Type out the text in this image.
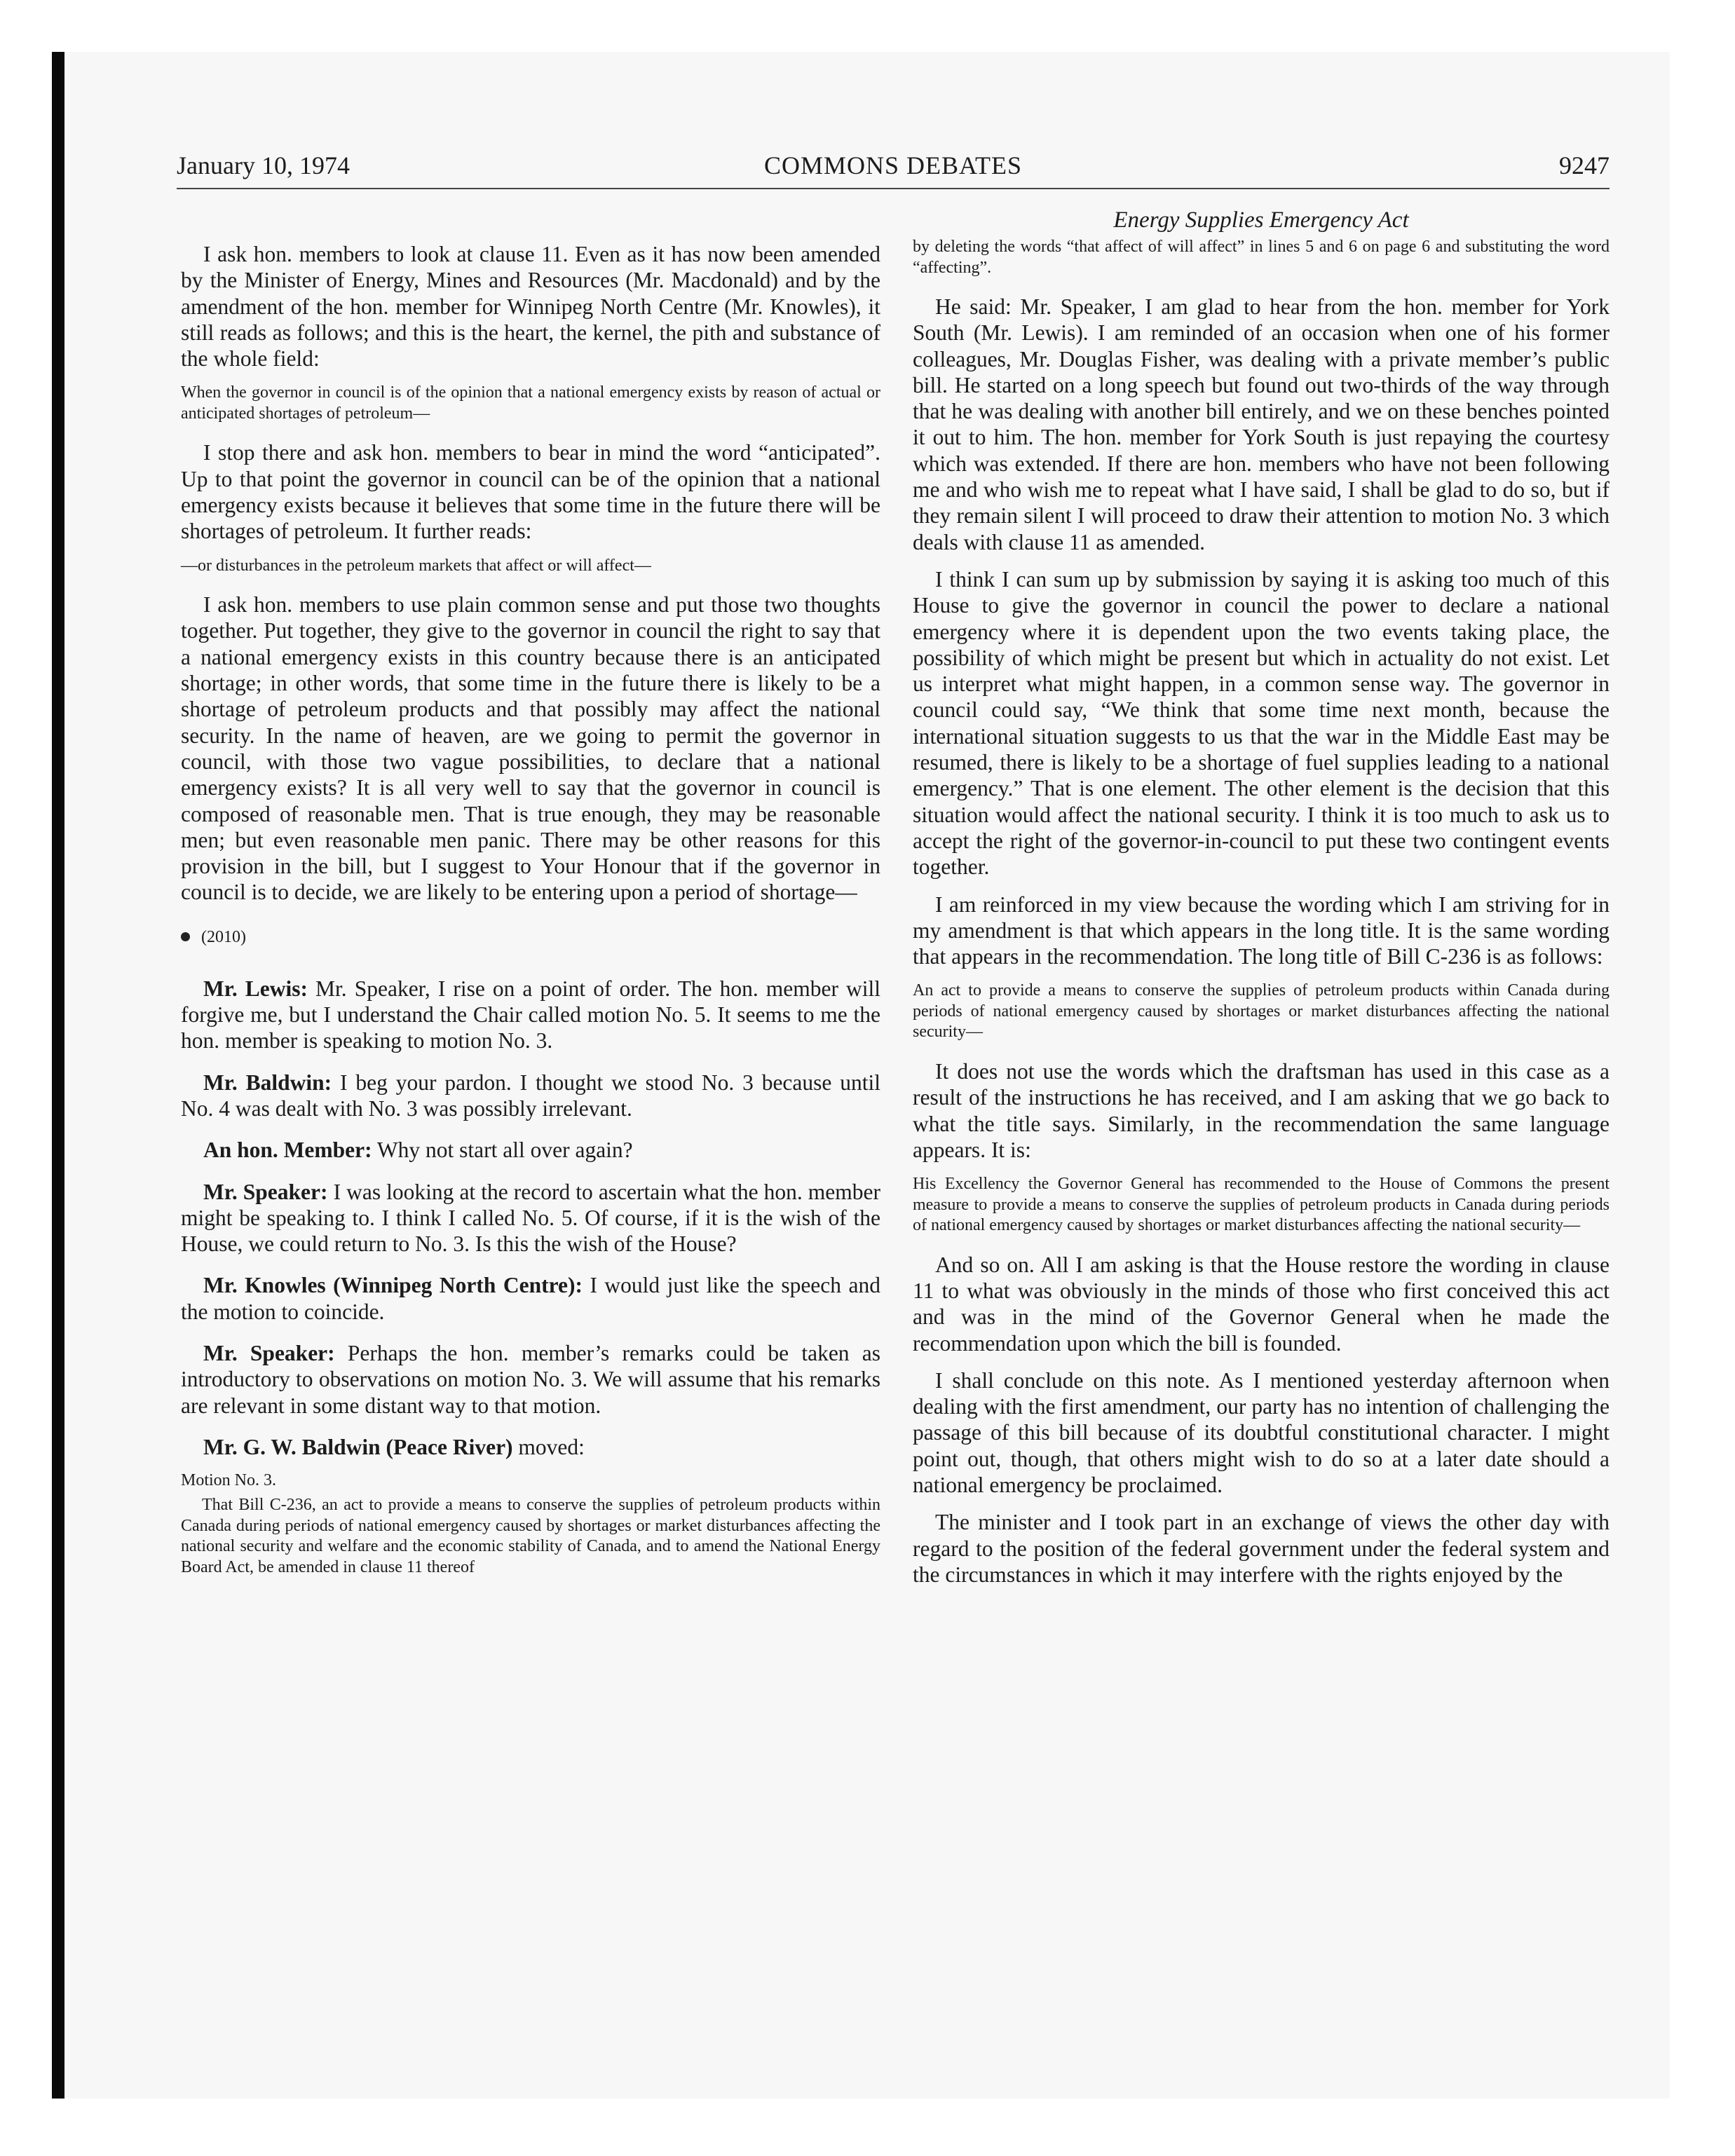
January 10, 1974	COMMONS DEBATES	9247

I ask hon. members to look at clause 11. Even as it has now been amended by the Minister of Energy, Mines and Resources (Mr. Macdonald) and by the amendment of the hon. member for Winnipeg North Centre (Mr. Knowles), it still reads as follows; and this is the heart, the kernel, the pith and substance of the whole field:

When the governor in council is of the opinion that a national emergency exists by reason of actual or anticipated shortages of petroleum—

I stop there and ask hon. members to bear in mind the word “anticipated”. Up to that point the governor in council can be of the opinion that a national emergency exists because it believes that some time in the future there will be shortages of petroleum. It further reads:

—or disturbances in the petroleum markets that affect or will affect—

I ask hon. members to use plain common sense and put those two thoughts together. Put together, they give to the governor in council the right to say that a national emergency exists in this country because there is an anticipated shortage; in other words, that some time in the future there is likely to be a shortage of petroleum products and that possibly may affect the national security. In the name of heaven, are we going to permit the governor in council, with those two vague possibilities, to declare that a national emergency exists? It is all very well to say that the governor in council is composed of reasonable men. That is true enough, they may be reasonable men; but even reasonable men panic. There may be other reasons for this provision in the bill, but I suggest to Your Honour that if the governor in council is to decide, we are likely to be entering upon a period of shortage—

(2010)

Mr. Lewis: Mr. Speaker, I rise on a point of order. The hon. member will forgive me, but I understand the Chair called motion No. 5. It seems to me the hon. member is speaking to motion No. 3.

Mr. Baldwin: I beg your pardon. I thought we stood No. 3 because until No. 4 was dealt with No. 3 was possibly irrelevant.

An hon. Member: Why not start all over again?

Mr. Speaker: I was looking at the record to ascertain what the hon. member might be speaking to. I think I called No. 5. Of course, if it is the wish of the House, we could return to No. 3. Is this the wish of the House?

Mr. Knowles (Winnipeg North Centre): I would just like the speech and the motion to coincide.

Mr. Speaker: Perhaps the hon. member’s remarks could be taken as introductory to observations on motion No. 3. We will assume that his remarks are relevant in some distant way to that motion.

Mr. G. W. Baldwin (Peace River) moved:

Motion No. 3.

That Bill C-236, an act to provide a means to conserve the supplies of petroleum products within Canada during periods of national emergency caused by shortages or market disturbances affecting the national security and welfare and the economic stability of Canada, and to amend the National Energy Board Act, be amended in clause 11 thereof

Energy Supplies Emergency Act

by deleting the words “that affect of will affect” in lines 5 and 6 on page 6 and substituting the word “affecting”.

He said: Mr. Speaker, I am glad to hear from the hon. member for York South (Mr. Lewis). I am reminded of an occasion when one of his former colleagues, Mr. Douglas Fisher, was dealing with a private member’s public bill. He started on a long speech but found out two-thirds of the way through that he was dealing with another bill entirely, and we on these benches pointed it out to him. The hon. member for York South is just repaying the courtesy which was extended. If there are hon. members who have not been following me and who wish me to repeat what I have said, I shall be glad to do so, but if they remain silent I will proceed to draw their attention to motion No. 3 which deals with clause 11 as amended.

I think I can sum up by submission by saying it is asking too much of this House to give the governor in council the power to declare a national emergency where it is dependent upon the two events taking place, the possibility of which might be present but which in actuality do not exist. Let us interpret what might happen, in a common sense way. The governor in council could say, “We think that some time next month, because the international situation suggests to us that the war in the Middle East may be resumed, there is likely to be a shortage of fuel supplies leading to a national emergency.” That is one element. The other element is the decision that this situation would affect the national security. I think it is too much to ask us to accept the right of the governor-in-council to put these two contingent events together.

I am reinforced in my view because the wording which I am striving for in my amendment is that which appears in the long title. It is the same wording that appears in the recommendation. The long title of Bill C-236 is as follows:

An act to provide a means to conserve the supplies of petroleum products within Canada during periods of national emergency caused by shortages or market disturbances affecting the national security—

It does not use the words which the draftsman has used in this case as a result of the instructions he has received, and I am asking that we go back to what the title says. Similarly, in the recommendation the same language appears. It is:

His Excellency the Governor General has recommended to the House of Commons the present measure to provide a means to conserve the supplies of petroleum products in Canada during periods of national emergency caused by shortages or market disturbances affecting the national security—

And so on. All I am asking is that the House restore the wording in clause 11 to what was obviously in the minds of those who first conceived this act and was in the mind of the Governor General when he made the recommendation upon which the bill is founded.

I shall conclude on this note. As I mentioned yesterday afternoon when dealing with the first amendment, our party has no intention of challenging the passage of this bill because of its doubtful constitutional character. I might point out, though, that others might wish to do so at a later date should a national emergency be proclaimed.

The minister and I took part in an exchange of views the other day with regard to the position of the federal government under the federal system and the circumstances in which it may interfere with the rights enjoyed by the
